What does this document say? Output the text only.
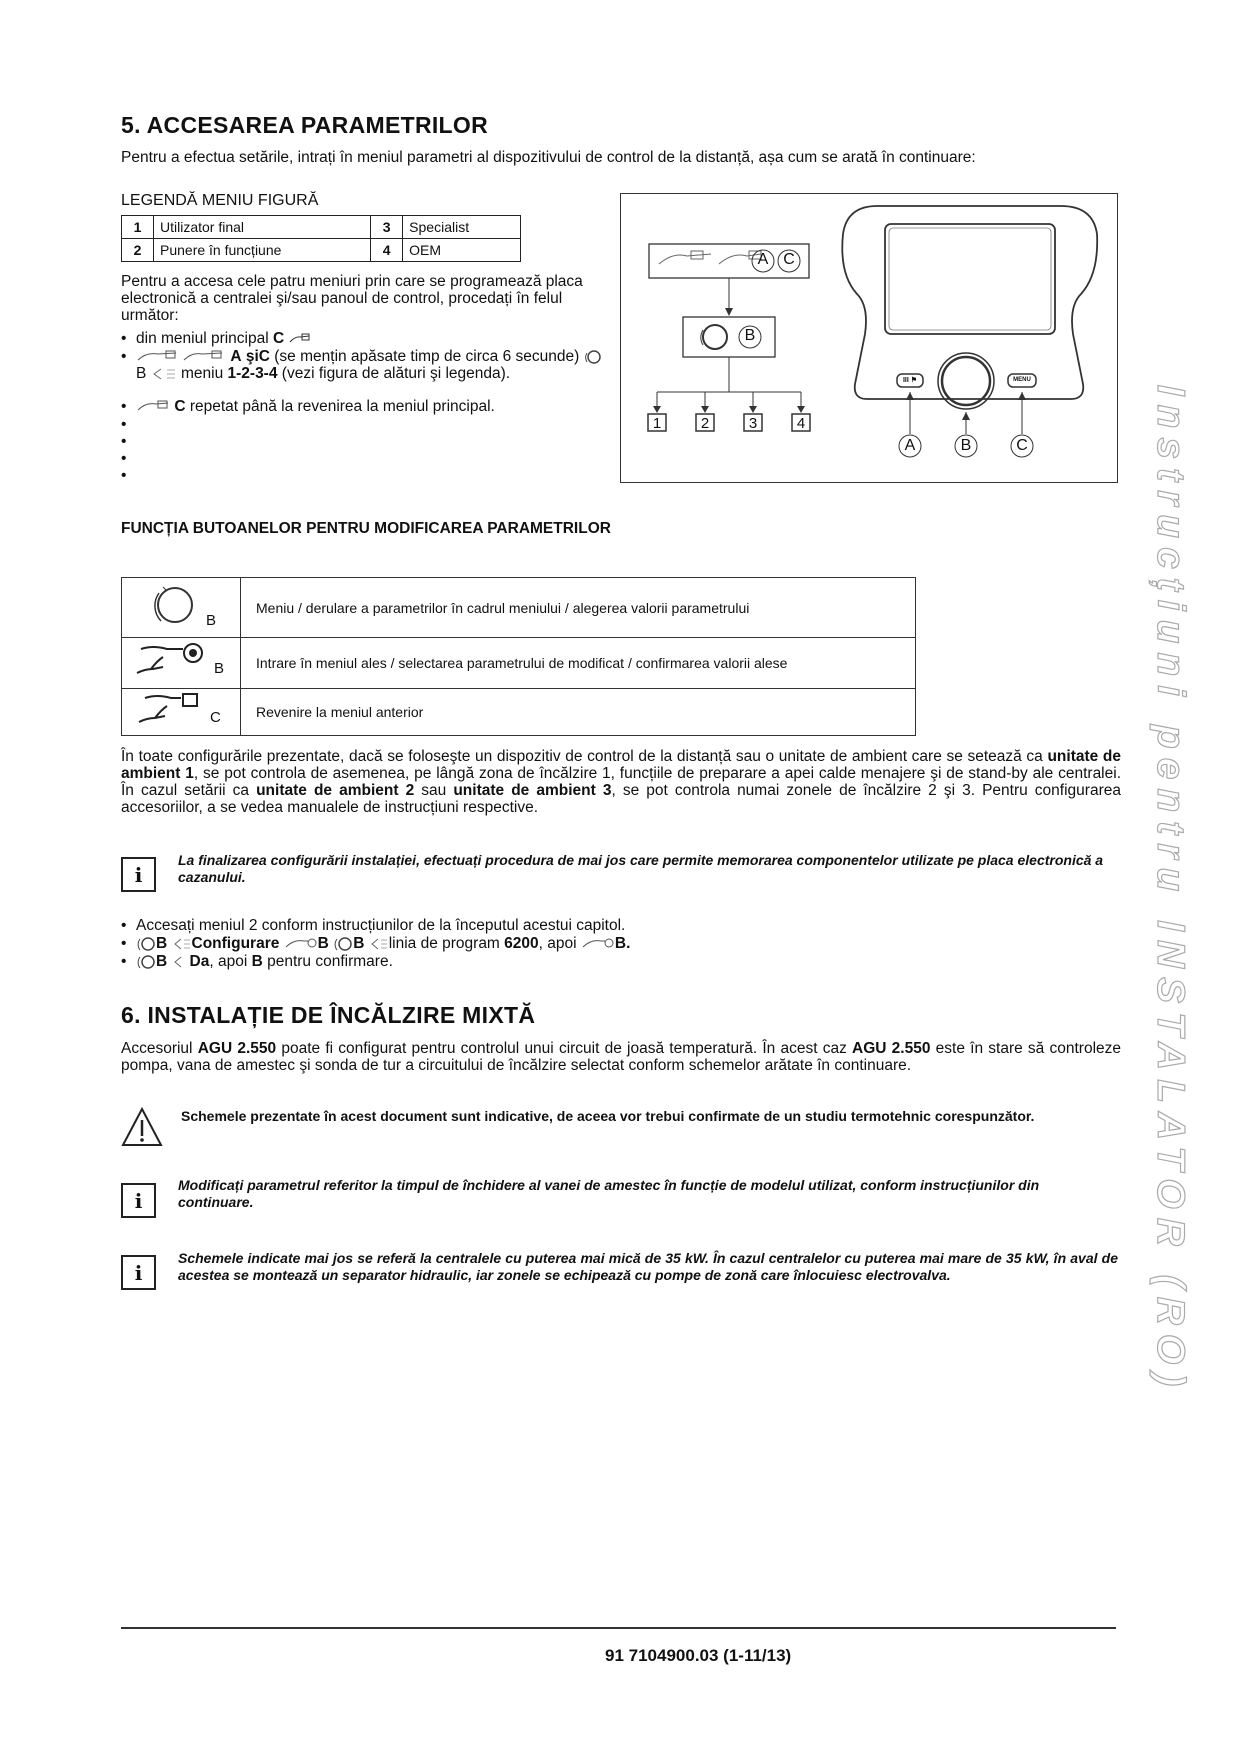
5. ACCESAREA PARAMETRILOR
Pentru a efectua setările, intrați în meniul parametri al dispozitivului de control de la distanță, așa cum se arată în continuare:
LEGENDĂ MENIU FIGURĂ
1	Utilizator final	3	Specialist
2	Punere în funcțiune	4	OEM
Pentru a accesa cele patru meniuri prin care se programează placa electronică a centralei şi/sau panoul de control, procedați în felul următor:
• din meniul principal C
• A şiC (se mențin apăsate timp de circa 6 secunde)  B meniu 1-2-3-4 (vezi figura de alături şi legenda).
• C repetat până la revenirea la meniul principal.
•
•
•
•
A C
B
1	2	3	4
III ⚑	MENU
A	B	C
FUNCȚIA BUTOANELOR PENTRU MODIFICAREA PARAMETRILOR
B	Meniu / derulare a parametrilor în cadrul meniului / alegerea valorii parametrului

B	Intrare în meniul ales / selectarea parametrului de modificat / confirmarea valorii alese

C	Revenire la meniul anterior
În toate configurările prezentate, dacă se foloseşte un dispozitiv de control de la distanță sau o unitate de ambient care se setează ca unitate de ambient 1, se pot controla de asemenea, pe lângă zona de încălzire 1, funcțiile de preparare a apei calde menajere şi de stand-by ale centralei. În cazul setării ca unitate de ambient 2 sau unitate de ambient 3, se pot controla numai zonele de încălzire 2 şi 3. Pentru configurarea accesoriilor, a se vedea manualele de instrucțiuni respective.
i
La finalizarea configurării instalației, efectuați procedura de mai jos care permite memorarea componentelor utilizate pe placa electronică a cazanului.
• Accesați meniul 2 conform instrucțiunilor de la începutul acestui capitol.
• B Configurare B B linia de program 6200, apoi B.
• B Da, apoi B pentru confirmare.
6. INSTALAȚIE DE ÎNCĂLZIRE MIXTĂ
Accesoriul AGU 2.550 poate fi configurat pentru controlul unui circuit de joasă temperatură. În acest caz AGU 2.550 este în stare să controleze pompa, vana de amestec şi sonda de tur a circuitului de încălzire selectat conform schemelor arătate în continuare.
Schemele prezentate în acest document sunt indicative, de aceea vor trebui confirmate de un studiu termotehnic corespunzător.
i
Modificați parametrul referitor la timpul de închidere al vanei de amestec în funcție de modelul utilizat, conform instrucțiunilor din continuare.
i
Schemele indicate mai jos se referă la centralele cu puterea mai mică de 35 kW. În cazul centralelor cu puterea mai mare de 35 kW, în aval de acestea se montează un separator hidraulic, iar zonele se echipează cu pompe de zonă care înlocuiesc electrovalva.	Instrucțiuni pentru INSTALATOR (RO)
91 7104900.03 (1-11/13)
